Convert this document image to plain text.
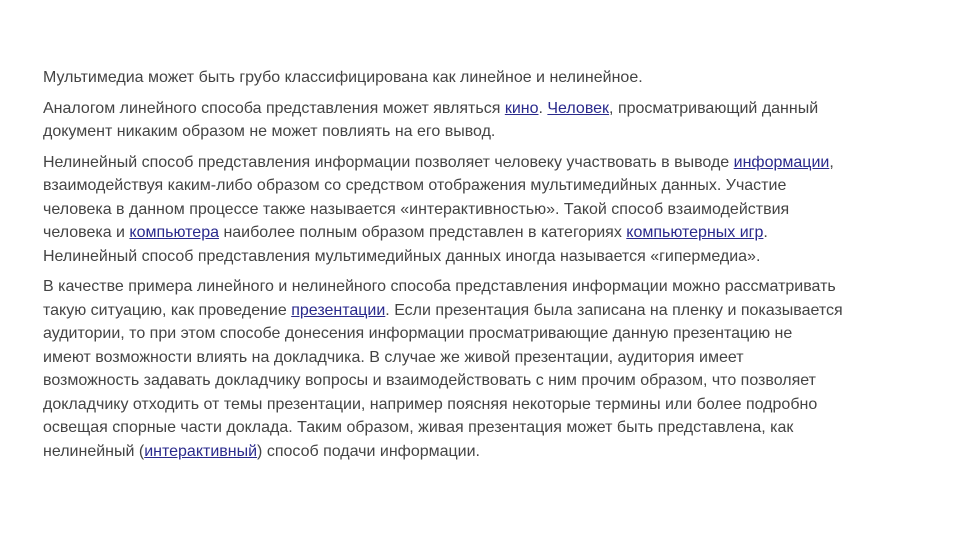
Мультимедиа может быть грубо классифицирована как линейное и нелинейное.

Аналогом линейного способа представления может являться кино. Человек, просматривающий данный
документ никаким образом не может повлиять на его вывод.

Нелинейный способ представления информации позволяет человеку участвовать в выводе информации,
взаимодействуя каким-либо образом со средством отображения мультимедийных данных. Участие
человека в данном процессе также называется «интерактивностью». Такой способ взаимодействия
человека и компьютера наиболее полным образом представлен в категориях компьютерных игр.
Нелинейный способ представления мультимедийных данных иногда называется «гипермедиа».

В качестве примера линейного и нелинейного способа представления информации можно рассматривать
такую ситуацию, как проведение презентации. Если презентация была записана на пленку и показывается
аудитории, то при этом способе донесения информации просматривающие данную презентацию не
имеют возможности влиять на докладчика. В случае же живой презентации, аудитория имеет
возможность задавать докладчику вопросы и взаимодействовать с ним прочим образом, что позволяет
докладчику отходить от темы презентации, например поясняя некоторые термины или более подробно
освещая спорные части доклада. Таким образом, живая презентация может быть представлена, как
нелинейный (интерактивный) способ подачи информации.
